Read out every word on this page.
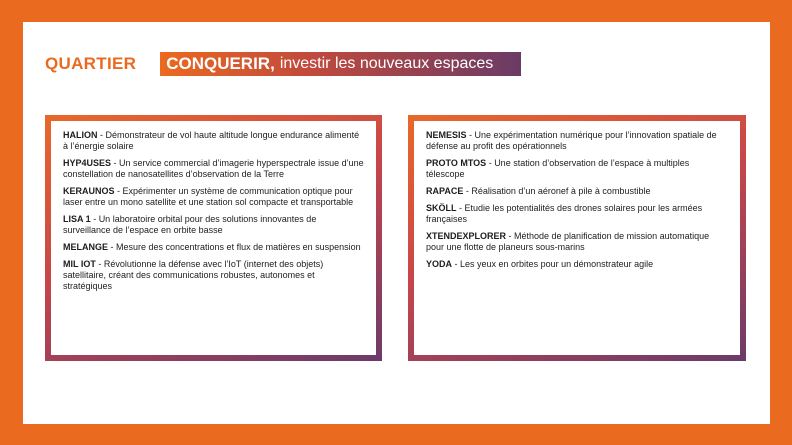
QUARTIER CONQUERIR, investir les nouveaux espaces
HALION - Démonstrateur de vol haute altitude longue endurance alimenté à l’énergie solaire
HYP4USES - Un service commercial d’imagerie hyperspectrale issue d’une constellation de nanosatellites d’observation de la Terre
KERAUNOS - Expérimenter un système de communication optique pour laser entre un mono satellite et une station sol compacte et transportable
LISA 1 - Un laboratoire orbital pour des solutions innovantes de surveillance de l’espace en orbite basse
MELANGE - Mesure des concentrations et flux de matières en suspension
MIL IOT - Révolutionne la défense avec l’IoT (internet des objets) satellitaire, créant des communications robustes, autonomes et stratégiques
NEMESIS - Une expérimentation numérique pour l’innovation spatiale de défense au profit des opérationnels
PROTO MTOS - Une station d’observation de l’espace à multiples télescope
RAPACE - Réalisation d’un aéronef à pile à combustible
SKÖLL - Etudie les potentialités des drones solaires pour les armées françaises
XTENDEXPLORER - Méthode de planification de mission automatique pour une flotte de planeurs sous-marins
YODA - Les yeux en orbites pour un démonstrateur agile
